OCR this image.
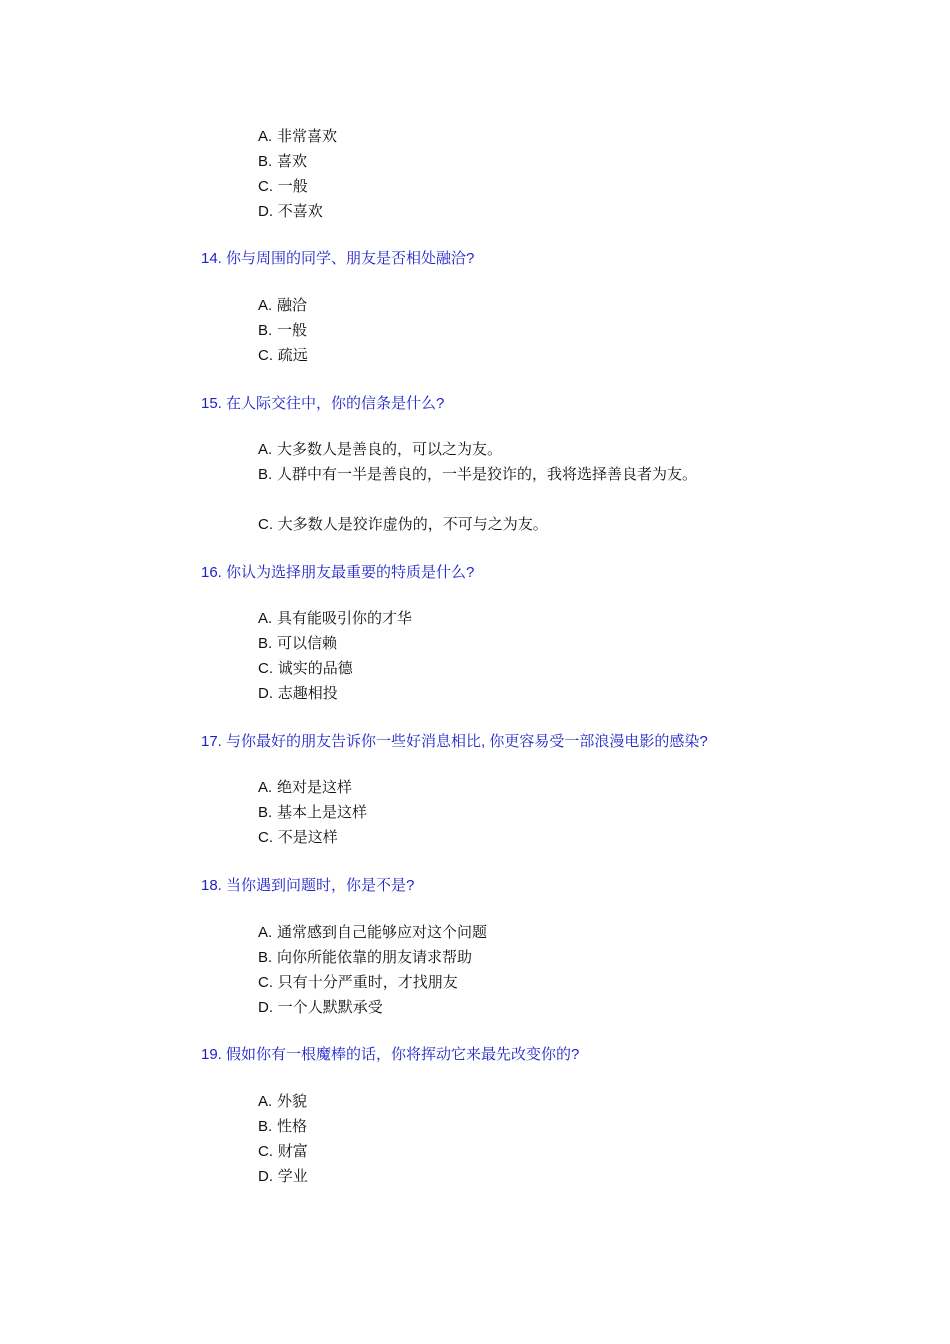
A. 非常喜欢

B. 喜欢

C. 一般

D. 不喜欢

14. 你与周围的同学、朋友是否相处融洽?

A. 融洽

B. 一般

C. 疏远

15. 在人际交往中，你的信条是什么?

A. 大多数人是善良的，可以之为友。

B. 人群中有一半是善良的，一半是狡诈的，我将选择善良者为友。

C. 大多数人是狡诈虚伪的，不可与之为友。

16. 你认为选择朋友最重要的特质是什么?

A. 具有能吸引你的才华

B. 可以信赖

C. 诚实的品德

D. 志趣相投

17. 与你最好的朋友告诉你一些好消息相比, 你更容易受一部浪漫电影的感染?

A. 绝对是这样

B. 基本上是这样

C. 不是这样

18. 当你遇到问题时，你是不是?

A. 通常感到自己能够应对这个问题

B. 向你所能依靠的朋友请求帮助

C. 只有十分严重时，才找朋友

D. 一个人默默承受

19. 假如你有一根魔棒的话，你将挥动它来最先改变你的?

A. 外貌

B. 性格

C. 财富

D. 学业
